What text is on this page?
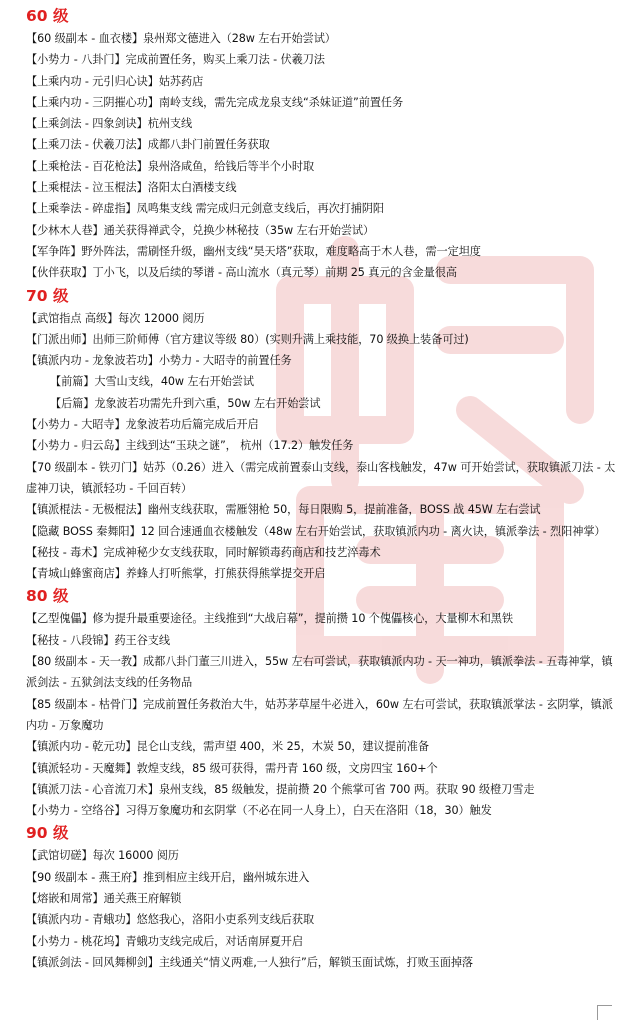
60 级
【60 级副本 - 血衣楼】泉州郑文德进入（28w 左右开始尝试）
【小势力 - 八卦门】完成前置任务，购买上乘刀法 - 伏羲刀法
【上乘内功 - 元引归心诀】姑苏药店
【上乘内功 - 三阴摧心功】南岭支线，需先完成龙泉支线“杀妹证道”前置任务
【上乘剑法 - 四象剑诀】杭州支线
【上乘刀法 - 伏羲刀法】成都八卦门前置任务获取
【上乘枪法 - 百花枪法】泉州洛咸鱼，给钱后等半个小时取
【上乘棍法 - 泣玉棍法】洛阳太白酒楼支线
【上乘拳法 - 碎虚指】凤鸣集支线 需完成归元剑意支线后，再次打捕阴阳
【少林木人巷】通关获得禅武令，兑换少林秘技（35w 左右开始尝试）
【军争阵】野外阵法，需刷怪升级，幽州支线“昊天塔”获取，难度略高于木人巷，需一定坦度
【伙伴获取】丁小飞，以及后续的琴谱 - 高山流水（真元琴）前期 25 真元的含金量很高
70 级
【武馆指点 高级】每次 12000 阅历
【门派出师】出师三阶师傅（官方建议等级 80）(实则升满上乘技能，70 级换上装备可过)
【镇派内功 - 龙象波若功】小势力 - 大昭寺的前置任务
【前篇】大雪山支线，40w 左右开始尝试
【后篇】龙象波若功需先升到六重，50w 左右开始尝试
【小势力 - 大昭寺】龙象波若功后篇完成后开启
【小势力 - 归云岛】主线到达“玉玦之谜”， 杭州（17.2）触发任务
【70 级副本 - 铁刃门】姑苏（0.26）进入（需完成前置泰山支线，泰山客栈触发，47w 可开始尝试，获取镇派刀法 - 太虚神刀诀，镇派轻功 - 千回百转）
【镇派棍法 - 无极棍法】幽州支线获取，需雁翎枪 50，每日限购 5，提前准备，BOSS 战 45W 左右尝试
【隐藏 BOSS 秦舞阳】12 回合速通血衣楼触发（48w 左右开始尝试，获取镇派内功 - 离火诀，镇派拳法 - 烈阳神掌）
【秘技 - 毒术】完成神秘少女支线获取，同时解锁毒药商店和技艺淬毒术
【青城山蜂蜜商店】养蜂人打听熊掌，打熊获得熊掌提交开启
80 级
【乙型傀儡】修为提升最重要途径。主线推到“大战启幕”，提前攒 10 个傀儡核心，大量柳木和黑铁
【秘技 - 八段锦】药王谷支线
【80 级副本 - 天一教】成都八卦门董三川进入，55w 左右可尝试，获取镇派内功 - 天一神功，镇派拳法 - 五毒神掌，镇派剑法 - 五狱剑法支线的任务物品
【85 级副本 - 枯骨门】完成前置任务救治大牛，姑苏茅草屋牛必进入，60w 左右可尝试，获取镇派掌法 - 玄阴掌，镇派内功 - 万象魔功
【镇派内功 - 乾元功】昆仑山支线，需声望 400，米 25，木炭 50，建议提前准备
【镇派轻功 - 天魔舞】敦煌支线，85 级可获得，需丹青 160 级，文房四宝 160+个
【镇派刀法 - 心音流刀术】泉州支线，85 级触发，提前攒 20 个熊掌可省 700 两。获取 90 级橙刀雪走
【小势力 - 空络谷】习得万象魔功和玄阴掌（不必在同一人身上），白天在洛阳（18，30）触发
90 级
【武馆切磋】每次 16000 阅历
【90 级副本 - 燕王府】推到相应主线开启，幽州城东进入
【熔嵌和周常】通关燕王府解锁
【镇派内功 - 青蛾功】悠悠我心，洛阳小吏系列支线后获取
【小势力 - 桃花坞】青蛾功支线完成后，对话南屏夏开启
【镇派剑法 - 回风舞柳剑】主线通关“情义两难,一人独行”后，解锁玉面试炼，打败玉面掉落
